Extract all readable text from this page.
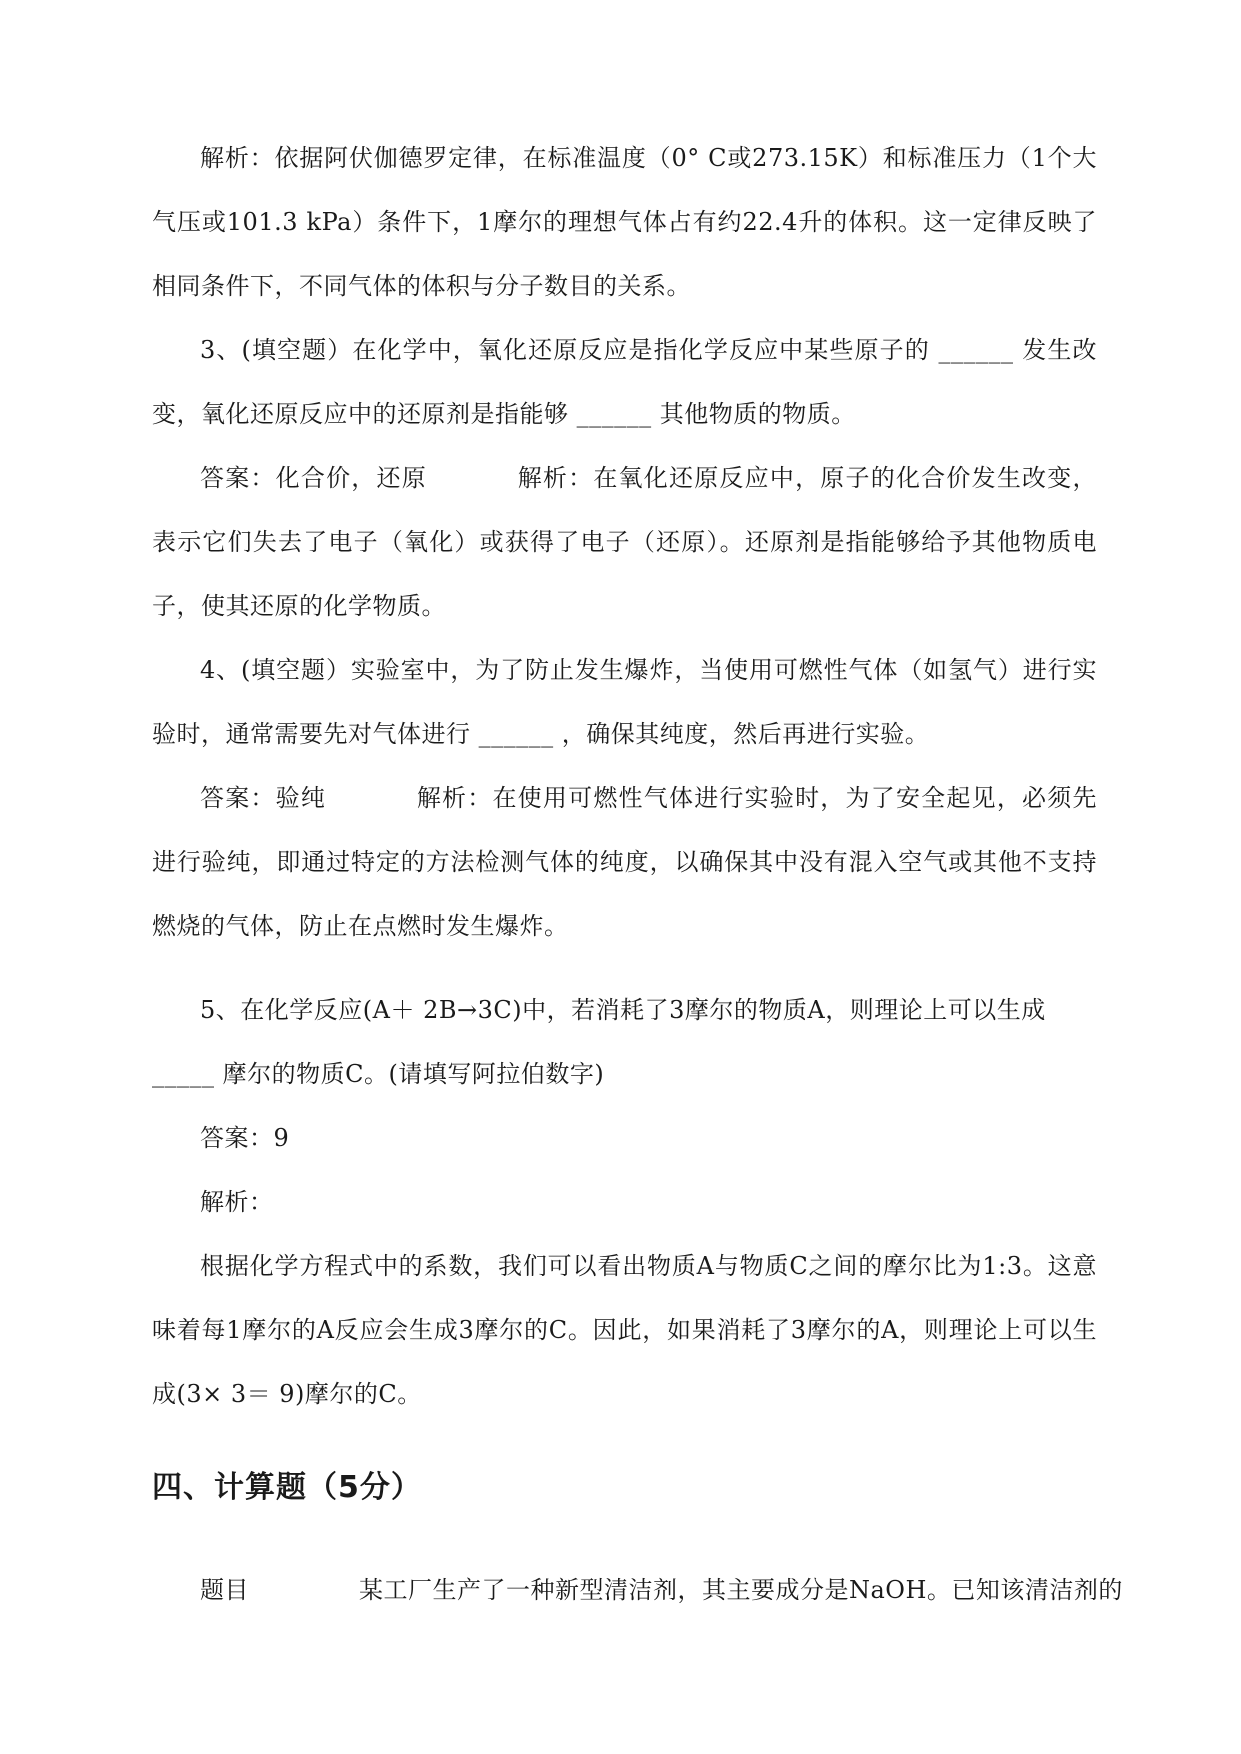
解析：依据阿伏伽德罗定律，在标准温度（0° C或273.15K）和标准压力（1个大气压或101.3 kPa）条件下，1摩尔的理想气体占有约22.4升的体积。这一定律反映了相同条件下，不同气体的体积与分子数目的关系。

3、(填空题）在化学中，氧化还原反应是指化学反应中某些原子的 ______ 发生改变，氧化还原反应中的还原剂是指能够 ______ 其他物质的物质。

答案：化合价，还原	解析：在氧化还原反应中，原子的化合价发生改变，表示它们失去了电子（氧化）或获得了电子（还原）。还原剂是指能够给予其他物质电子，使其还原的化学物质。

4、(填空题）实验室中，为了防止发生爆炸，当使用可燃性气体（如氢气）进行实验时，通常需要先对气体进行 ______ ，确保其纯度，然后再进行实验。

答案：验纯	解析：在使用可燃性气体进行实验时，为了安全起见，必须先进行验纯，即通过特定的方法检测气体的纯度，以确保其中没有混入空气或其他不支持燃烧的气体，防止在点燃时发生爆炸。

5、在化学反应(A＋ 2B→3C)中，若消耗了3摩尔的物质A，则理论上可以生成

_____ 摩尔的物质C。(请填写阿拉伯数字)

答案：9

解析：

根据化学方程式中的系数，我们可以看出物质A与物质C之间的摩尔比为1:3。这意味着每1摩尔的A反应会生成3摩尔的C。因此，如果消耗了3摩尔的A，则理论上可以生成(3× 3＝ 9)摩尔的C。

四、计算题（5分）

题目	某工厂生产了一种新型清洁剂，其主要成分是NaOH。已知该清洁剂的
